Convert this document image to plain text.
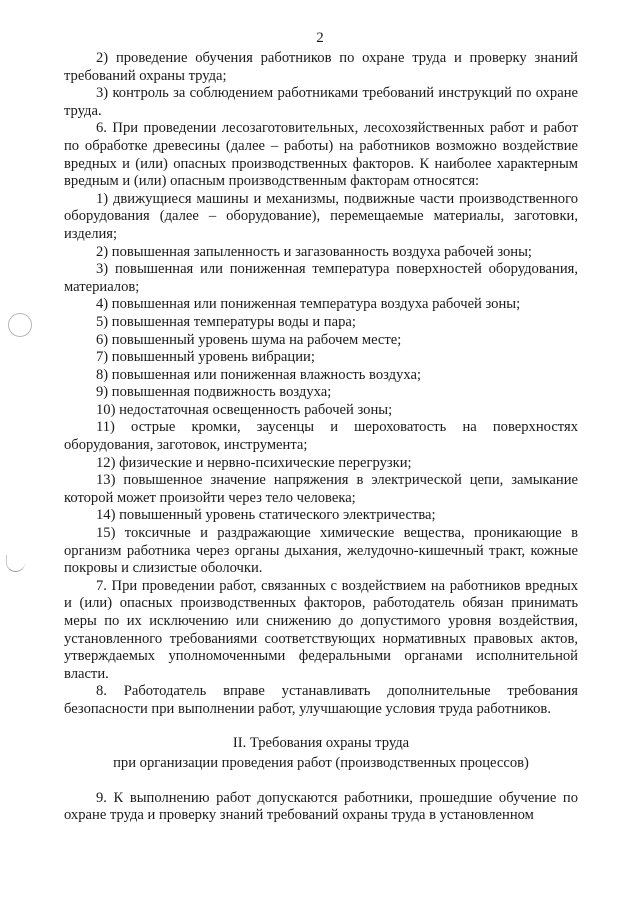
2

2) проведение обучения работников по охране труда и проверку знаний требований охраны труда;

3) контроль за соблюдением работниками требований инструкций по охране труда.

6. При проведении лесозаготовительных, лесохозяйственных работ и работ по обработке древесины (далее – работы) на работников возможно воздействие вредных и (или) опасных производственных факторов. К наиболее характерным вредным и (или) опасным производственным факторам относятся:

1) движущиеся машины и механизмы, подвижные части производственного оборудования (далее – оборудование), перемещаемые материалы, заготовки, изделия;

2) повышенная запыленность и загазованность воздуха рабочей зоны;

3) повышенная или пониженная температура поверхностей оборудования, материалов;

4) повышенная или пониженная температура воздуха рабочей зоны;

5) повышенная температуры воды и пара;

6) повышенный уровень шума на рабочем месте;

7) повышенный уровень вибрации;

8) повышенная или пониженная влажность воздуха;

9) повышенная подвижность воздуха;

10) недостаточная освещенность рабочей зоны;

11) острые кромки, заусенцы и шероховатость на поверхностях оборудования, заготовок, инструмента;

12) физические и нервно-психические перегрузки;

13) повышенное значение напряжения в электрической цепи, замыкание которой может произойти через тело человека;

14) повышенный уровень статического электричества;

15) токсичные и раздражающие химические вещества, проникающие в организм работника через органы дыхания, желудочно-кишечный тракт, кожные покровы и слизистые оболочки.

7. При проведении работ, связанных с воздействием на работников вредных и (или) опасных производственных факторов, работодатель обязан принимать меры по их исключению или снижению до допустимого уровня воздействия, установленного требованиями соответствующих нормативных правовых актов, утверждаемых уполномоченными федеральными органами исполнительной власти.

8. Работодатель вправе устанавливать дополнительные требования безопасности при выполнении работ, улучшающие условия труда работников.

II. Требования охраны труда

при организации проведения работ (производственных процессов)

9. К выполнению работ допускаются работники, прошедшие обучение по охране труда и проверку знаний требований охраны труда в установленном
